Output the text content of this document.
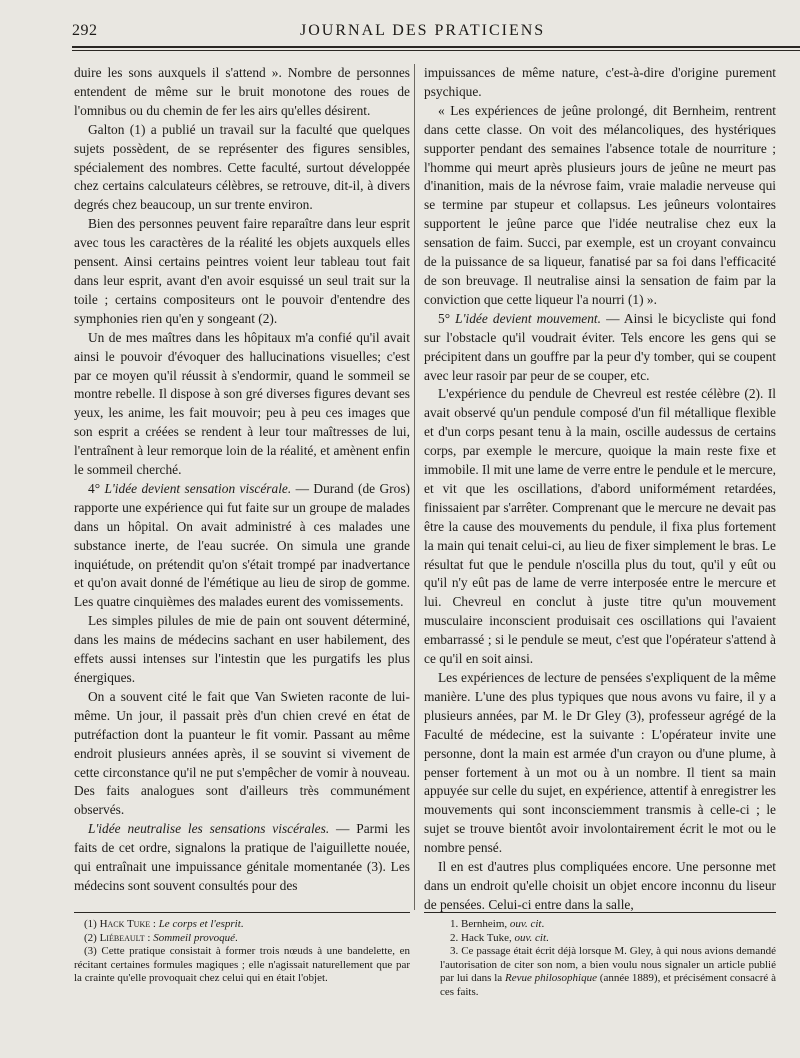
292	JOURNAL DES PRATICIENS

duire les sons auxquels il s'attend ». Nombre de personnes entendent de même sur le bruit monotone des roues de l'omnibus ou du chemin de fer les airs qu'elles désirent.

Galton (1) a publié un travail sur la faculté que quelques sujets possèdent, de se représenter des figures sensibles, spécialement des nombres. Cette faculté, surtout développée chez certains calculateurs célèbres, se retrouve, dit-il, à divers degrés chez beaucoup, un sur trente environ.

Bien des personnes peuvent faire reparaître dans leur esprit avec tous les caractères de la réalité les objets auxquels elles pensent. Ainsi certains peintres voient leur tableau tout fait dans leur esprit, avant d'en avoir esquissé un seul trait sur la toile ; certains compositeurs ont le pouvoir d'entendre des symphonies rien qu'en y songeant (2).

Un de mes maîtres dans les hôpitaux m'a confié qu'il avait ainsi le pouvoir d'évoquer des hallucinations visuelles; c'est par ce moyen qu'il réussit à s'endormir, quand le sommeil se montre rebelle. Il dispose à son gré diverses figures devant ses yeux, les anime, les fait mouvoir; peu à peu ces images que son esprit a créées se rendent à leur tour maîtresses de lui, l'entraînent à leur remorque loin de la réalité, et amènent enfin le sommeil cherché.

4° L'idée devient sensation viscérale. — Durand (de Gros) rapporte une expérience qui fut faite sur un groupe de malades dans un hôpital. On avait administré à ces malades une substance inerte, de l'eau sucrée. On simula une grande inquiétude, on prétendit qu'on s'était trompé par inadvertance et qu'on avait donné de l'émétique au lieu de sirop de gomme. Les quatre cinquièmes des malades eurent des vomissements.

Les simples pilules de mie de pain ont souvent déterminé, dans les mains de médecins sachant en user habilement, des effets aussi intenses sur l'intestin que les purgatifs les plus énergiques.

On a souvent cité le fait que Van Swieten raconte de lui-même. Un jour, il passait près d'un chien crevé en état de putréfaction dont la puanteur le fit vomir. Passant au même endroit plusieurs années après, il se souvint si vivement de cette circonstance qu'il ne put s'empêcher de vomir à nouveau. Des faits analogues sont d'ailleurs très communément observés.

L'idée neutralise les sensations viscérales. — Parmi les faits de cet ordre, signalons la pratique de l'aiguillette nouée, qui entraînait une impuissance génitale momentanée (3). Les médecins sont souvent consultés pour des

impuissances de même nature, c'est-à-dire d'origine purement psychique.

« Les expériences de jeûne prolongé, dit Bernheim, rentrent dans cette classe. On voit des mélancoliques, des hystériques supporter pendant des semaines l'absence totale de nourriture ; l'homme qui meurt après plusieurs jours de jeûne ne meurt pas d'inanition, mais de la névrose faim, vraie maladie nerveuse qui se termine par stupeur et collapsus. Les jeûneurs volontaires supportent le jeûne parce que l'idée neutralise chez eux la sensation de faim. Succi, par exemple, est un croyant convaincu de la puissance de sa liqueur, fanatisé par sa foi dans l'efficacité de son breuvage. Il neutralise ainsi la sensation de faim par la conviction que cette liqueur l'a nourri (1) ».

5° L'idée devient mouvement. — Ainsi le bicycliste qui fond sur l'obstacle qu'il voudrait éviter. Tels encore les gens qui se précipitent dans un gouffre par la peur d'y tomber, qui se coupent avec leur rasoir par peur de se couper, etc.

L'expérience du pendule de Chevreul est restée célèbre (2). Il avait observé qu'un pendule composé d'un fil métallique flexible et d'un corps pesant tenu à la main, oscille audessus de certains corps, par exemple le mercure, quoique la main reste fixe et immobile. Il mit une lame de verre entre le pendule et le mercure, et vit que les oscillations, d'abord uniformément retardées, finissaient par s'arrêter. Comprenant que le mercure ne devait pas être la cause des mouvements du pendule, il fixa plus fortement la main qui tenait celui-ci, au lieu de fixer simplement le bras. Le résultat fut que le pendule n'oscilla plus du tout, qu'il y eût ou qu'il n'y eût pas de lame de verre interposée entre le mercure et lui. Chevreul en conclut à juste titre qu'un mouvement musculaire inconscient produisait ces oscillations qui l'avaient embarrassé ; si le pendule se meut, c'est que l'opérateur s'attend à ce qu'il en soit ainsi.

Les expériences de lecture de pensées s'expliquent de la même manière. L'une des plus typiques que nous avons vu faire, il y a plusieurs années, par M. le Dr Gley (3), professeur agrégé de la Faculté de médecine, est la suivante : L'opérateur invite une personne, dont la main est armée d'un crayon ou d'une plume, à penser fortement à un mot ou à un nombre. Il tient sa main appuyée sur celle du sujet, en expérience, attentif à enregistrer les mouvements qui sont inconsciemment transmis à celle-ci ; le sujet se trouve bientôt avoir involontairement écrit le mot ou le nombre pensé.

Il en est d'autres plus compliquées encore. Une personne met dans un endroit qu'elle choisit un objet encore inconnu du liseur de pensées. Celui-ci entre dans la salle,

(1) Hack Tuke : Le corps et l'esprit.

(2) Liébeault : Sommeil provoqué.

(3) Cette pratique consistait à former trois nœuds à une bandelette, en récitant certaines formules magiques ; elle n'agissait naturellement que par la crainte qu'elle provoquait chez celui qui en était l'objet.

1. Bernheim, ouv. cit.

2. Hack Tuke, ouv. cit.

3. Ce passage était écrit déjà lorsque M. Gley, à qui nous avions demandé l'autorisation de citer son nom, a bien voulu nous signaler un article publié par lui dans la Revue philosophique (année 1889), et précisément consacré à ces faits.
